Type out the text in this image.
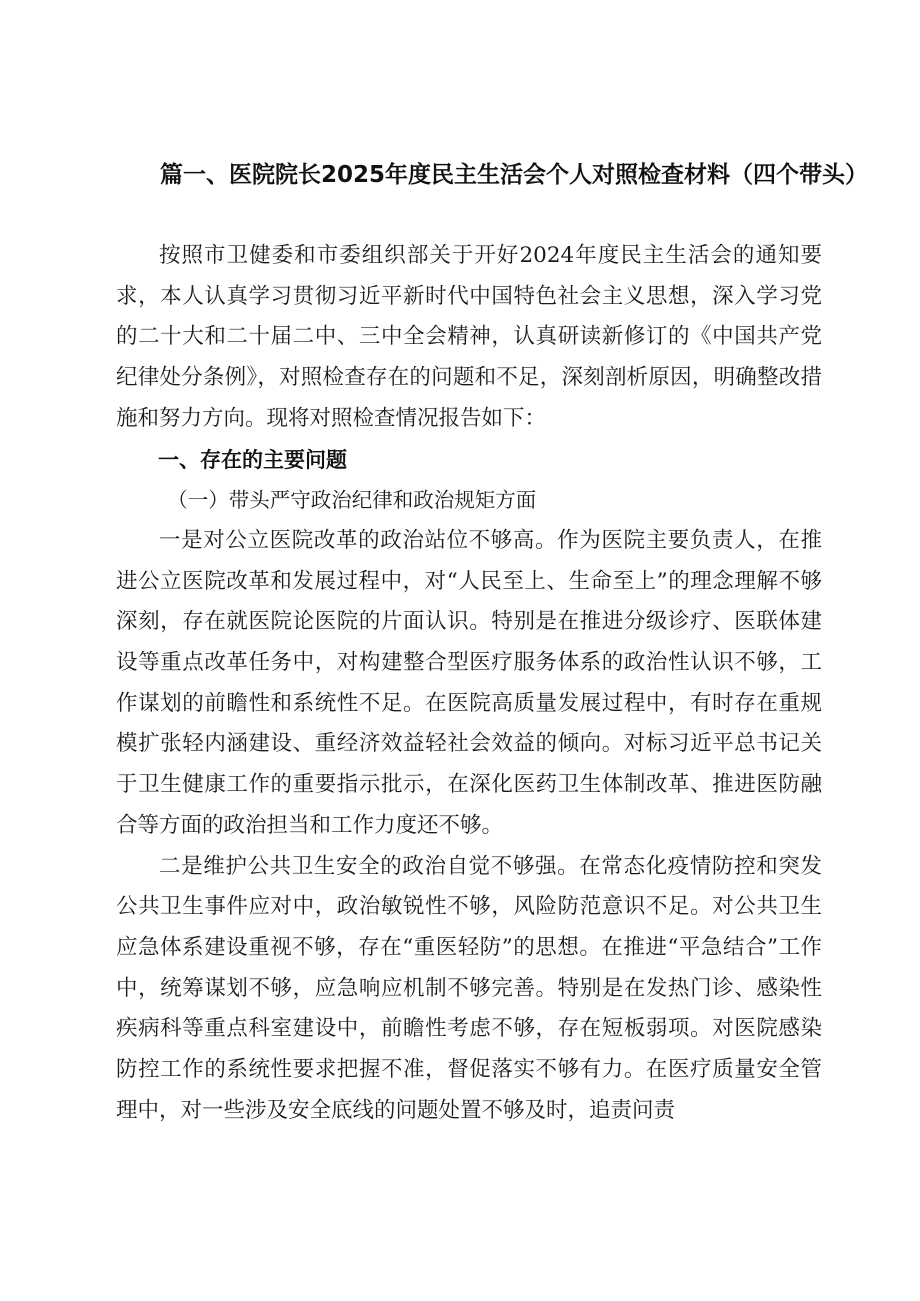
篇一、医院院长2025年度民主生活会个人对照检查材料（四个带头）

按照市卫健委和市委组织部关于开好2024年度民主生活会的通知要求，本人认真学习贯彻习近平新时代中国特色社会主义思想，深入学习党的二十大和二十届二中、三中全会精神，认真研读新修订的《中国共产党纪律处分条例》，对照检查存在的问题和不足，深刻剖析原因，明确整改措施和努力方向。现将对照检查情况报告如下：

一、存在的主要问题

（一）带头严守政治纪律和政治规矩方面

一是对公立医院改革的政治站位不够高。作为医院主要负责人，在推进公立医院改革和发展过程中，对“人民至上、生命至上”的理念理解不够深刻，存在就医院论医院的片面认识。特别是在推进分级诊疗、医联体建设等重点改革任务中，对构建整合型医疗服务体系的政治性认识不够，工作谋划的前瞻性和系统性不足。在医院高质量发展过程中，有时存在重规模扩张轻内涵建设、重经济效益轻社会效益的倾向。对标习近平总书记关于卫生健康工作的重要指示批示，在深化医药卫生体制改革、推进医防融合等方面的政治担当和工作力度还不够。

二是维护公共卫生安全的政治自觉不够强。在常态化疫情防控和突发公共卫生事件应对中，政治敏锐性不够，风险防范意识不足。对公共卫生应急体系建设重视不够，存在“重医轻防”的思想。在推进“平急结合”工作中，统筹谋划不够，应急响应机制不够完善。特别是在发热门诊、感染性疾病科等重点科室建设中，前瞻性考虑不够，存在短板弱项。对医院感染防控工作的系统性要求把握不准，督促落实不够有力。在医疗质量安全管理中，对一些涉及安全底线的问题处置不够及时，追责问责
